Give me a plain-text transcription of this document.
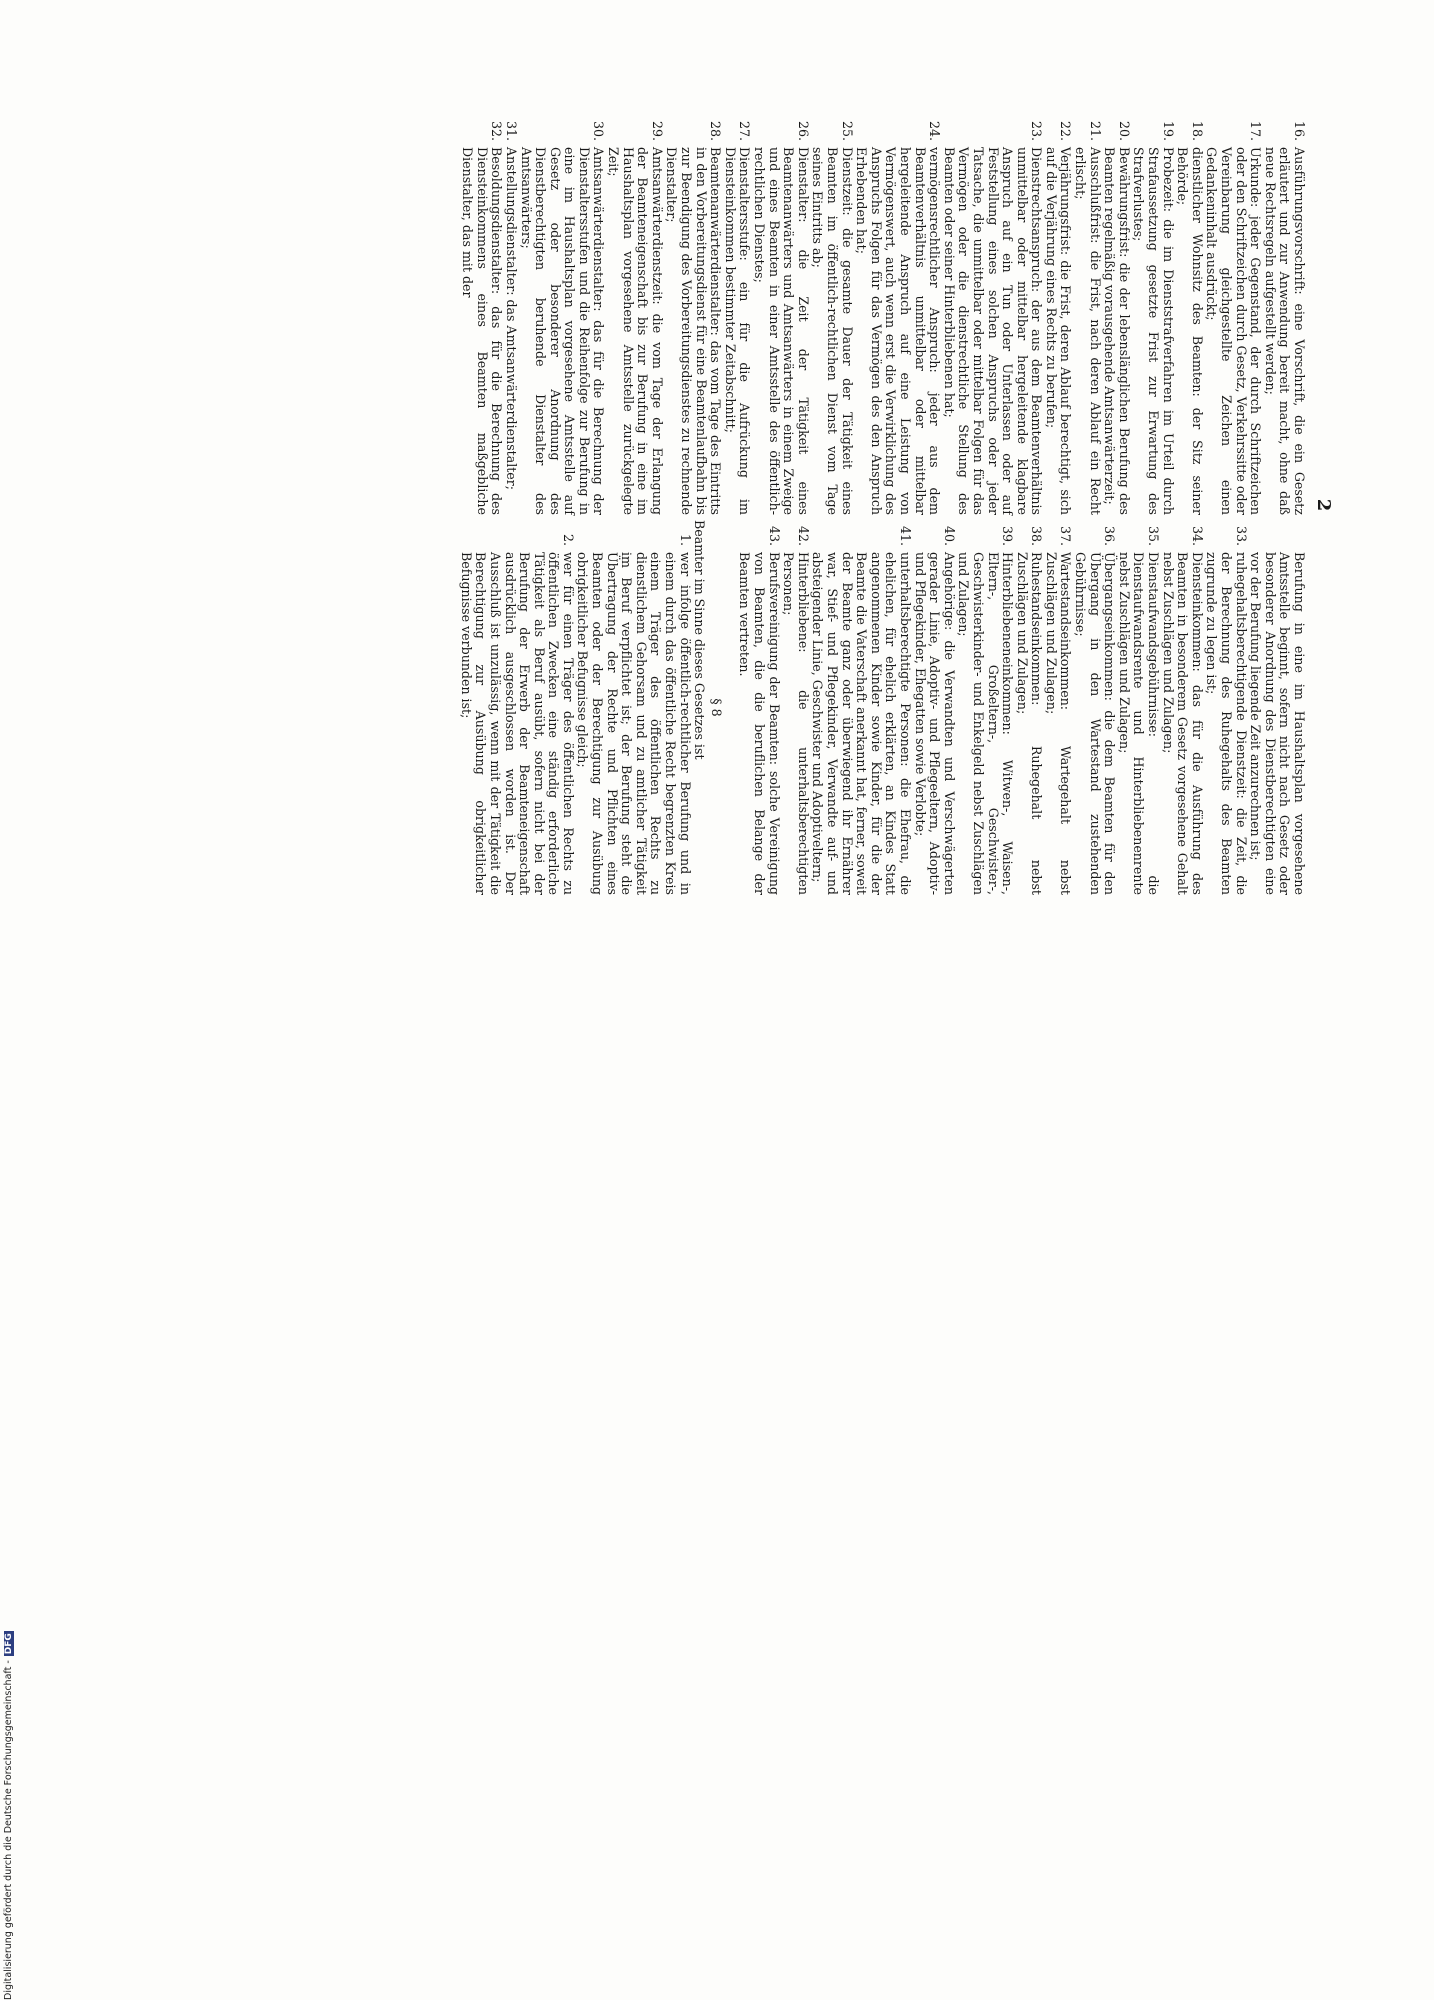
2
16.
Ausführungsvorschrift: eine Vorschrift, die ein Gesetz erläutert und zur Anwendung bereit macht, ohne daß neue Rechtsregeln aufgestellt werden;
17.
Urkunde: jeder Gegenstand, der durch Schriftzeichen oder den Schriftzeichen durch Gesetz, Verkehrssitte oder Vereinbarung gleichgestellte Zeichen einen Gedankeninhalt ausdrückt;
18.
dienstlicher Wohnsitz des Beamten: der Sitz seiner Behörde;
19.
Probezeit: die im Dienststrafverfahren im Urteil durch Strafaussetzung gesetzte Frist zur Erwartung des Strafverlustes;
20.
Bewährungsfrist: die der lebenslänglichen Berufung des Beamten regelmäßig vorausgehende Amtsanwärterzeit;
21.
Ausschlußfrist: die Frist, nach deren Ablauf ein Recht erlischt;
22.
Verjährungsfrist: die Frist, deren Ablauf berechtigt, sich auf die Verjährung eines Rechts zu berufen;
23.
Dienstrechtsanspruch: der aus dem Beamtenverhältnis unmittelbar oder mittelbar hergeleitende klagbare Anspruch auf ein Tun oder Unterlassen oder auf Feststellung eines solchen Anspruchs oder jeder Tatsache, die unmittelbar oder mittelbar Folgen für das Vermögen oder die dienstrechtliche Stellung des Beamten oder seiner Hinterbliebenen hat;
24.
vermögensrechtlicher Anspruch: jeder aus dem Beamtenverhältnis unmittelbar oder mittelbar hergeleitende Anspruch auf eine Leistung von Vermögenswert, auch wenn erst die Verwirklichung des Anspruchs Folgen für das Vermögen des den Anspruch Erhebenden hat;
25.
Dienstzeit: die gesamte Dauer der Tätigkeit eines Beamten im öffentlich-rechtlichen Dienst vom Tage seines Eintritts ab;
26.
Dienstalter: die Zeit der Tätigkeit eines Beamtenanwärters und Amtsanwärters in einem Zweige und eines Beamten in einer Amtsstelle des öffentlich-rechtlichen Dienstes;
27.
Dienstaltersstufe: ein für die Aufrückung im Diensteinkommen bestimmter Zeitabschnitt;
28.
Beamtenanwärterdienstalter: das vom Tage des Eintritts in den Vorbereitungsdienst für eine Beamtenlaufbahn bis zur Beendigung des Vorbereitungsdienstes zu rechnende Dienstalter;
29.
Amtsanwärterdienstzeit: die vom Tage der Erlangung der Beamteneigenschaft bis zur Berufung in eine im Haushaltsplan vorgesehene Amtsstelle zurückgelegte Zeit;
30.
Amtsanwärterdienstalter: das für die Berechnung der Dienstaltersstufen und die Reihenfolge zur Berufung in eine im Haushaltsplan vorgesehene Amtsstelle auf Gesetz oder besonderer Anordnung des Dienstberechtigten beruhende Dienstalter des Amtsanwärters;
31.
Anstellungsdienstalter: das Amtsanwärterdienstalter;
32.
Besoldungsdienstalter: das für die Berechnung des Diensteinkommens eines Beamten maßgebliche Dienstalter, das mit der

Berufung in eine im Haushaltsplan vorgesehene Amtsstelle beginnt, sofern nicht nach Gesetz oder besonderer Anordnung des Dienstberechtigten eine vor der Berufung liegende Zeit anzurechnen ist;

33.
ruhegehaltsberechtigende Dienstzeit: die Zeit, die der Berechnung des Ruhegehalts des Beamten zugrunde zu legen ist;
34.
Diensteinkommen: das für die Ausführung des Beamten in besonderem Gesetz vorgesehene Gehalt nebst Zuschlägen und Zulagen;
35.
Dienstaufwandsgebührnisse: die Dienstaufwandsrente und Hinterbliebenenrente nebst Zuschlägen und Zulagen;
36.
Übergangseinkommen: die dem Beamten für den Übergang in den Wartestand zustehenden Gebührnisse;
37.
Wartestandseinkommen: Wartegehalt nebst Zuschlägen und Zulagen;
38.
Ruhestandseinkommen: Ruhegehalt nebst Zuschlägen und Zulagen;
39.
Hinterbliebeneneinkommen: Witwen-, Waisen-, Eltern-, Großeltern-, Geschwister-, Geschwisterkinder- und Enkelgeld nebst Zuschlägen und Zulagen;
40.
Angehörige: die Verwandten und Verschwägerten gerader Linie, Adoptiv- und Pflegeeltern, Adoptiv- und Pflegekinder, Ehegatten sowie Verlobte;
41.
unterhaltsberechtigte Personen: die Ehefrau, die ehelichen, für ehelich erklärten, an Kindes Statt angenommenen Kinder sowie Kinder, für die der Beamte die Vaterschaft anerkannt hat, ferner, soweit der Beamte ganz oder überwiegend ihr Ernährer war, Stief- und Pflegekinder, Verwandte auf- und absteigender Linie, Geschwister und Adoptiveltern;
42.
Hinterbliebene: die unterhaltsberechtigten Personen;
43.
Berufsvereinigung der Beamten: solche Vereinigung von Beamten, die die beruflichen Belange der Beamten vertreten.
§ 8

Beamter im Sinne dieses Gesetzes ist

1.
wer infolge öffentlich-rechtlicher Berufung und in einem durch das öffentliche Recht begrenzten Kreis einem Träger des öffentlichen Rechts zu dienstlichem Gehorsam und zu amtlicher Tätigkeit im Beruf verpflichtet ist; der Berufung steht die Übertragung der Rechte und Pflichten eines Beamten oder der Berechtigung zur Ausübung obrigkeitlicher Befugnisse gleich;
2.
wer für einen Träger des öffentlichen Rechts zu öffentlichen Zwecken eine ständig erforderliche Tätigkeit als Beruf ausübt, sofern nicht bei der Berufung der Erwerb der Beamteneigenschaft ausdrücklich ausgeschlossen worden ist. Der Ausschluß ist unzulässig, wenn mit der Tätigkeit die Berechtigung zur Ausübung obrigkeitlicher Befugnisse verbunden ist;
Digitalisierung gefördert durch die Deutsche Forschungsgemeinschaft -DFG
